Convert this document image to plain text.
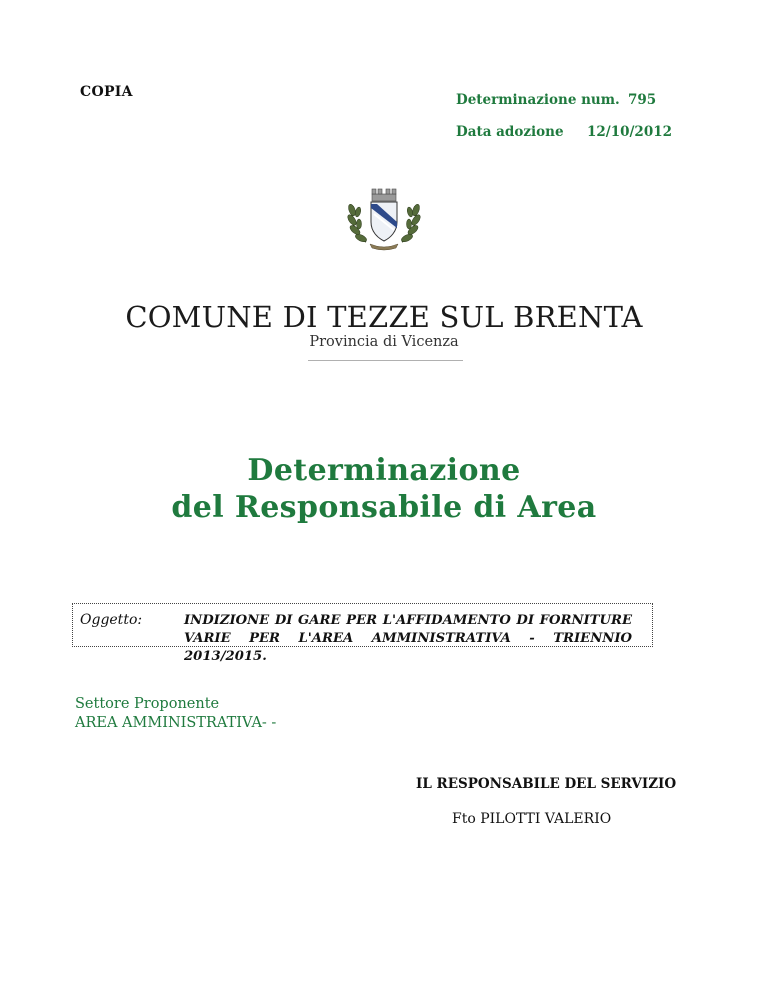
COPIA	Determinazione num. 795
Data adozione 12/10/2012
COMUNE DI TEZZE SUL BRENTA
Provincia di Vicenza
Determinazione
del Responsabile di Area
Oggetto:	INDIZIONE DI GARE PER L'AFFIDAMENTO DI FORNITURE
VARIE PER L'AREA AMMINISTRATIVA - TRIENNIO 2013/2015.
Settore Proponente
AREA AMMINISTRATIVA- -
IL RESPONSABILE DEL SERVIZIO
Fto PILOTTI VALERIO
